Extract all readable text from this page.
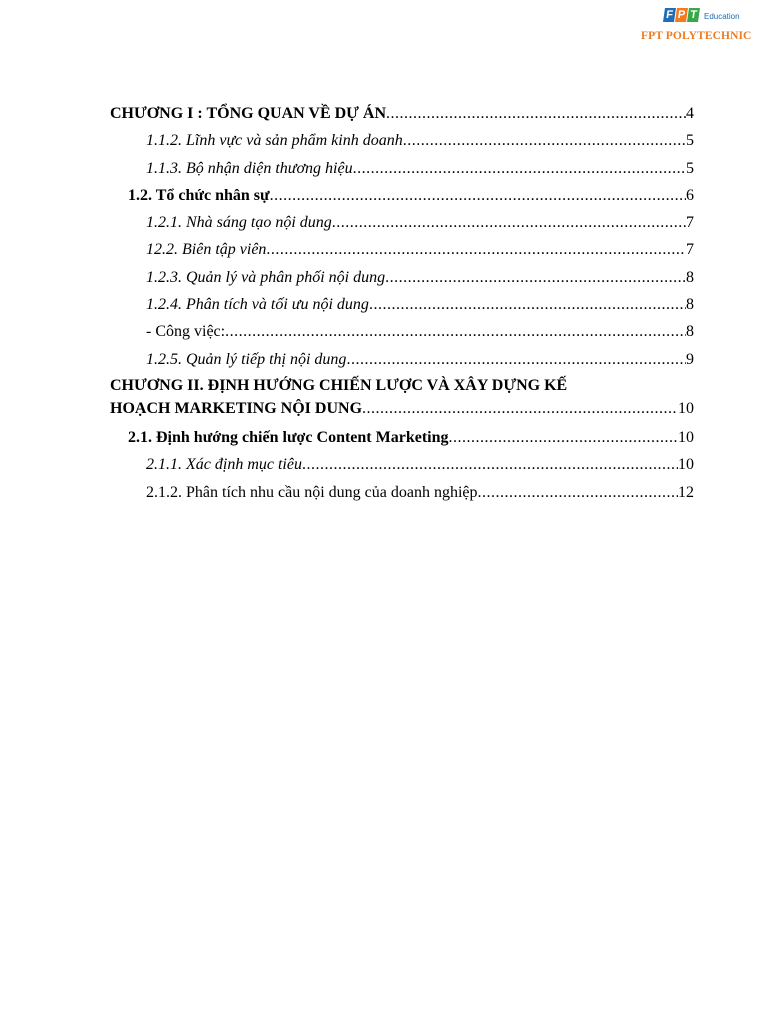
F P T Education
FPT POLYTECHNIC
CHƯƠNG I : TỔNG QUAN VỀ DỰ ÁN .....	4
1.1.2. Lĩnh vực và sản phẩm kinh doanh .....	5
1.1.3. Bộ nhận diện thương hiệu .....	5
1.2. Tổ chức nhân sự .....	6
1.2.1. Nhà sáng tạo nội dung .....	7
12.2. Biên tập viên .....	7
1.2.3. Quản lý và phân phối nội dung .....	8
1.2.4. Phân tích và tối ưu nội dung .....	8
- Công việc: .....	8
1.2.5. Quản lý tiếp thị nội dung .....	9
CHƯƠNG II. ĐỊNH HƯỚNG CHIẾN LƯỢC VÀ XÂY DỰNG KẾ
HOẠCH MARKETING NỘI DUNG .....	10
2.1. Định hướng chiến lược Content Marketing .....	10
2.1.1. Xác định mục tiêu .....	10
2.1.2. Phân tích nhu cầu nội dung của doanh nghiệp .....	12
